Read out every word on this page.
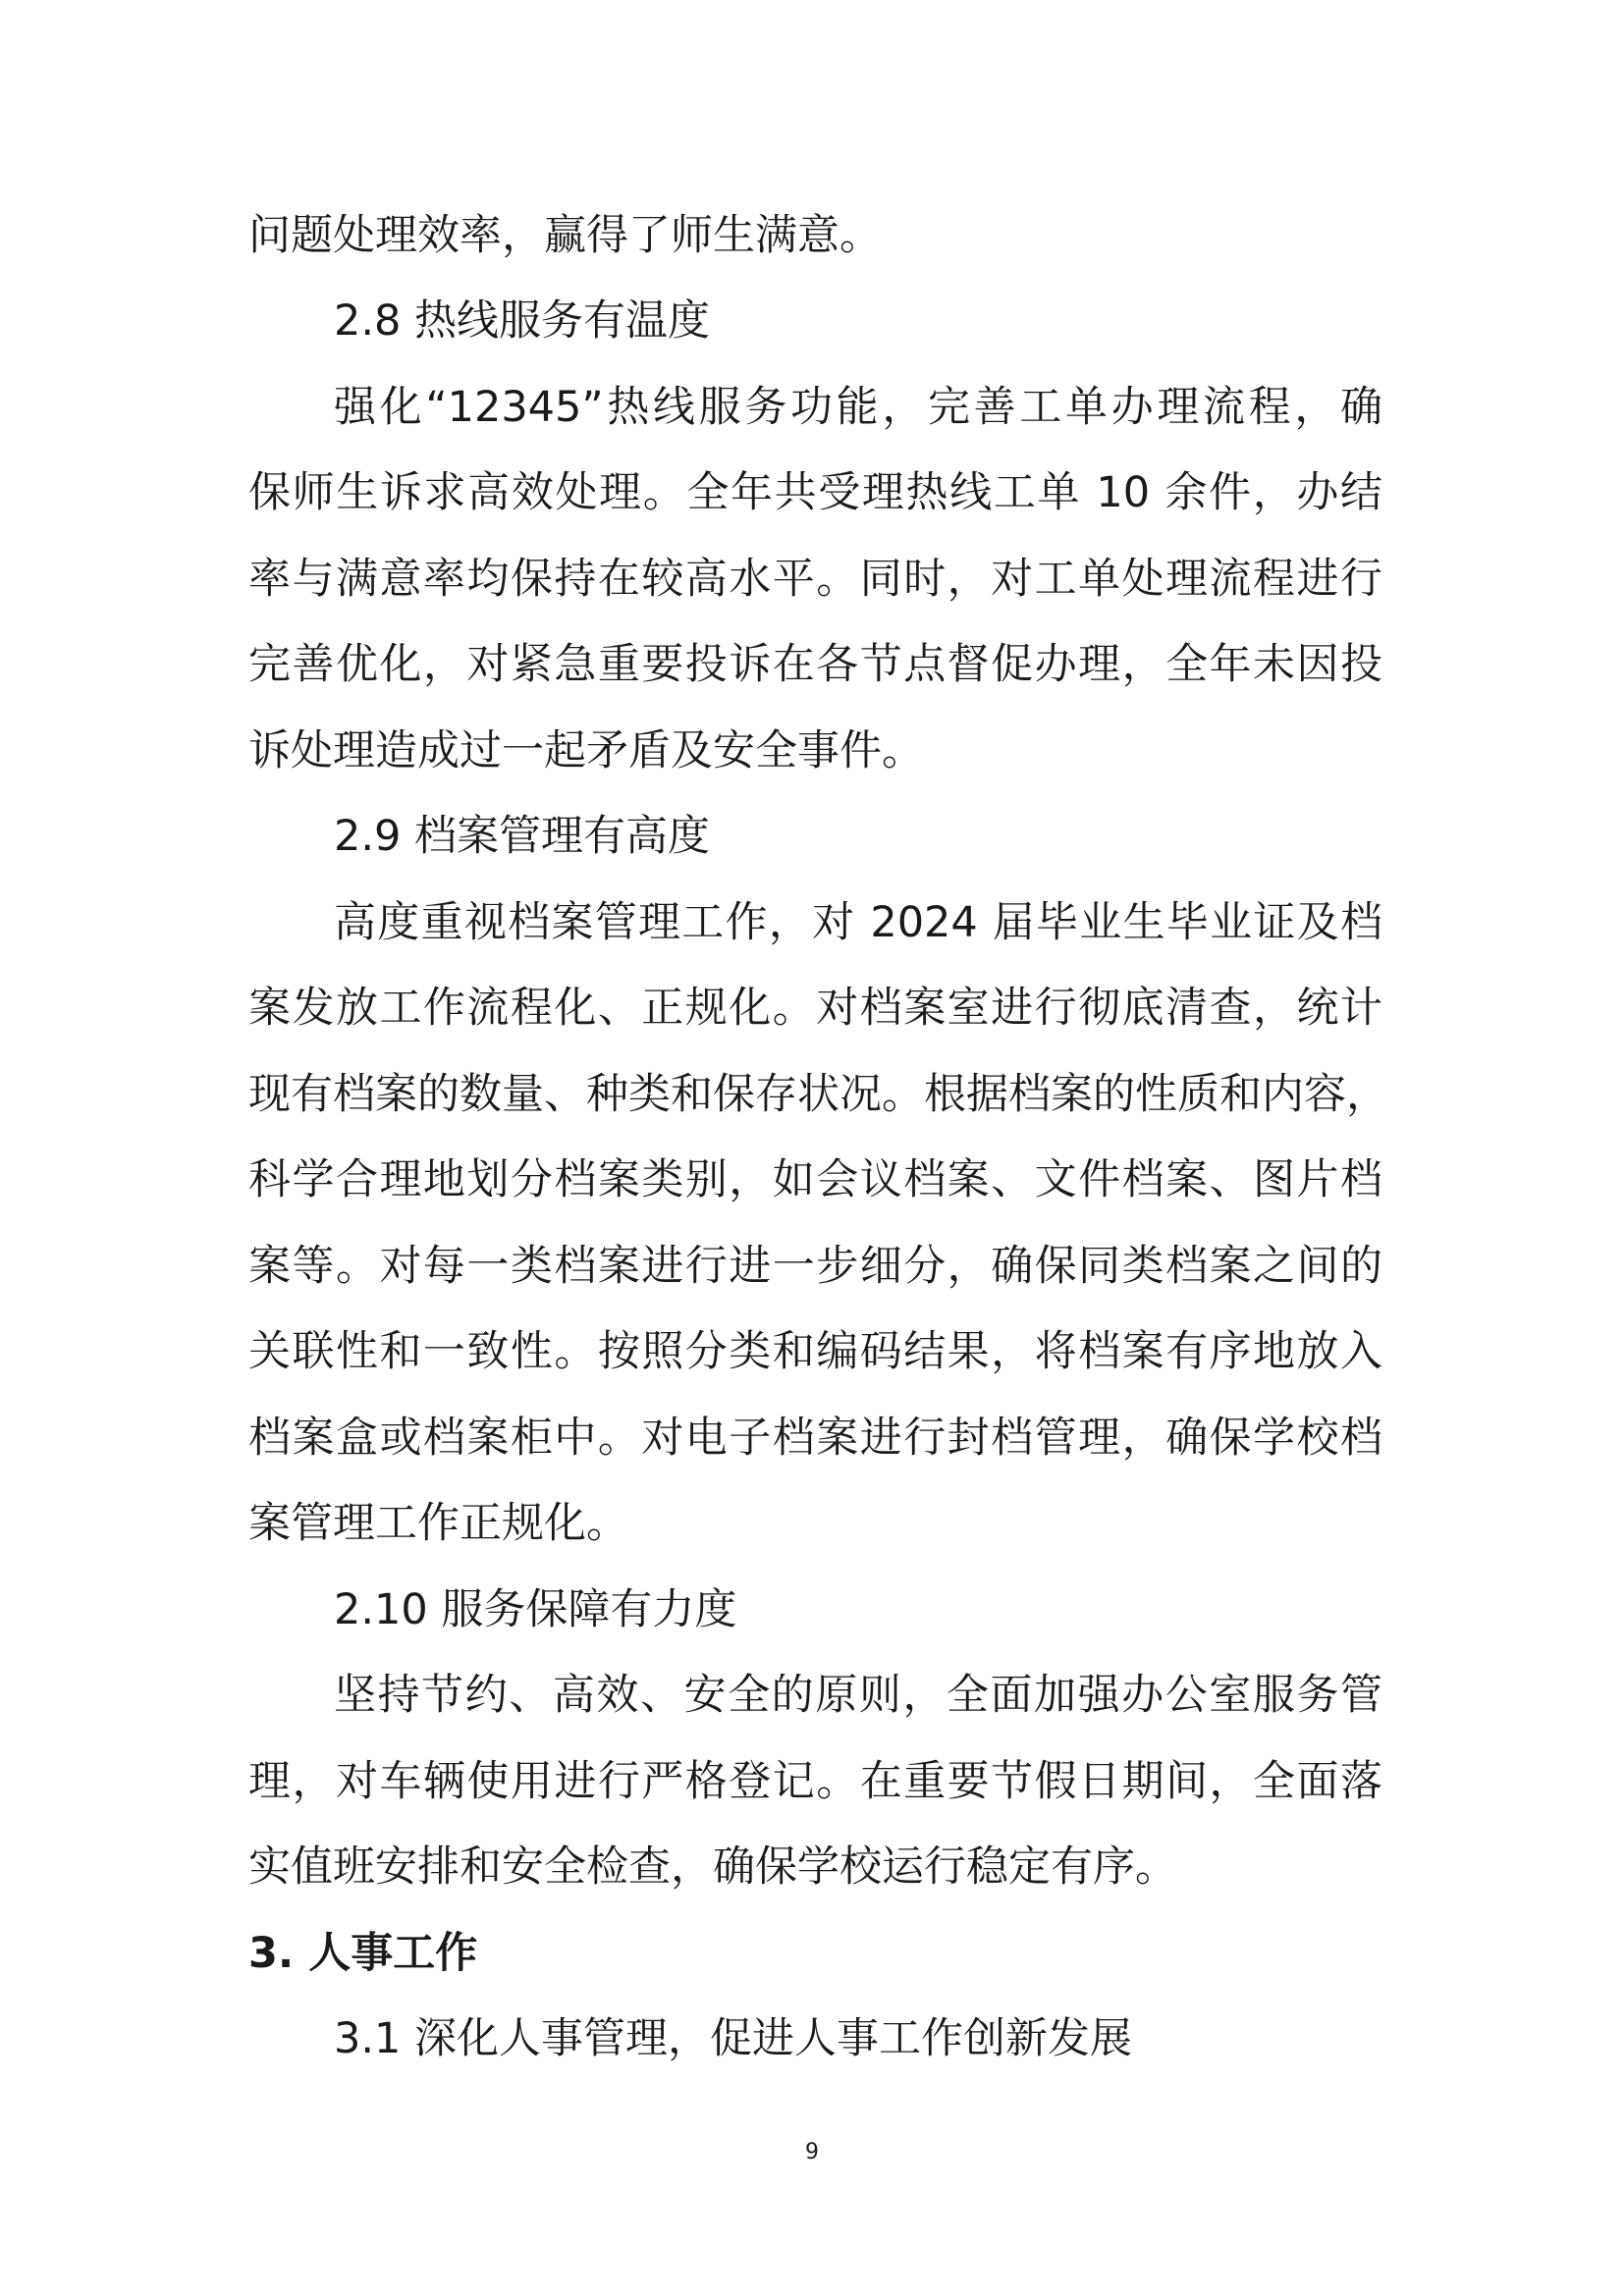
问题处理效率，赢得了师生满意。
2.8 热线服务有温度
强化“12345”热线服务功能，完善工单办理流程，确
保师生诉求高效处理。全年共受理热线工单 10 余件，办结
率与满意率均保持在较高水平。同时，对工单处理流程进行
完善优化，对紧急重要投诉在各节点督促办理，全年未因投
诉处理造成过一起矛盾及安全事件。
2.9 档案管理有高度
高度重视档案管理工作，对 2024 届毕业生毕业证及档
案发放工作流程化、正规化。对档案室进行彻底清查，统计
现有档案的数量、种类和保存状况。根据档案的性质和内容，
科学合理地划分档案类别，如会议档案、文件档案、图片档
案等。对每一类档案进行进一步细分，确保同类档案之间的
关联性和一致性。按照分类和编码结果，将档案有序地放入
档案盒或档案柜中。对电子档案进行封档管理，确保学校档
案管理工作正规化。
2.10 服务保障有力度
坚持节约、高效、安全的原则，全面加强办公室服务管
理，对车辆使用进行严格登记。在重要节假日期间，全面落
实值班安排和安全检查，确保学校运行稳定有序。
3. 人事工作
3.1 深化人事管理，促进人事工作创新发展
9
